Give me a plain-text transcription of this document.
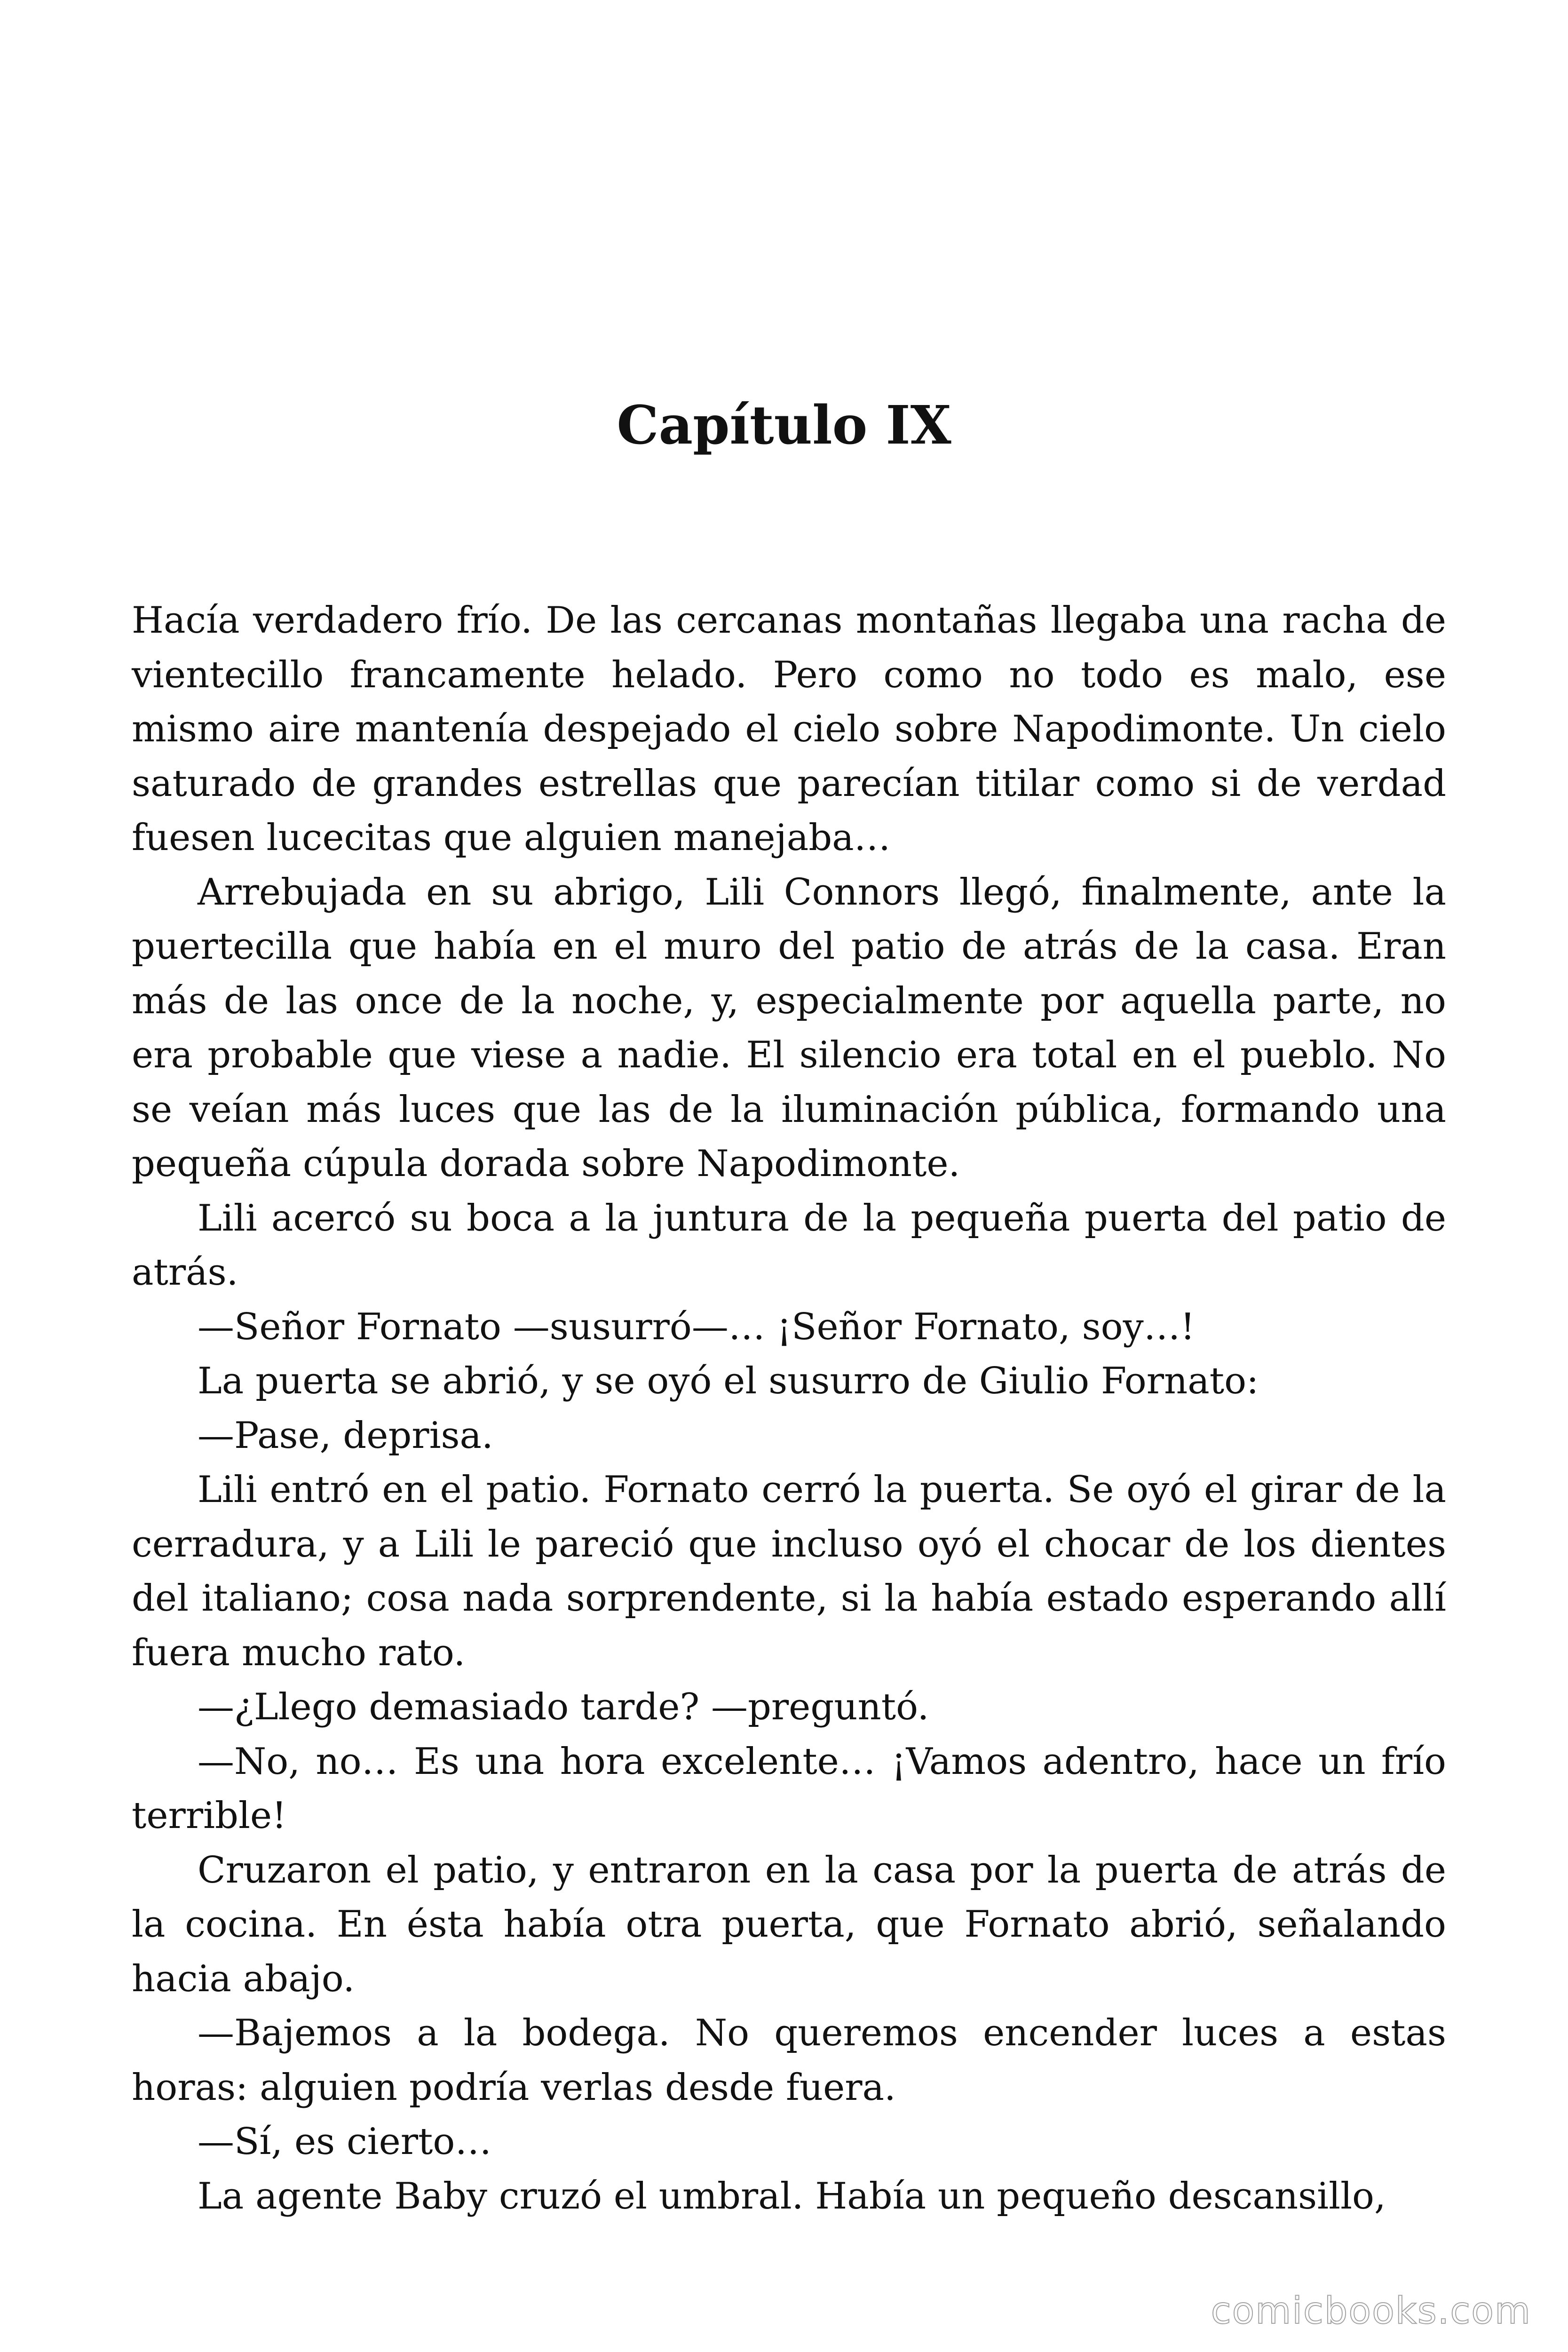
Capítulo IX

Hacía verdadero frío. De las cercanas montañas llegaba una racha de vientecillo francamente helado. Pero como no todo es malo, ese mismo aire mantenía despejado el cielo sobre Napodimonte. Un cielo saturado de grandes estrellas que parecían titilar como si de verdad fuesen lucecitas que alguien manejaba…

Arrebujada en su abrigo, Lili Connors llegó, finalmente, ante la puertecilla que había en el muro del patio de atrás de la casa. Eran más de las once de la noche, y, especialmente por aquella parte, no era probable que viese a nadie. El silencio era total en el pueblo. No se veían más luces que las de la iluminación pública, formando una pequeña cúpula dorada sobre Napodimonte.

Lili acercó su boca a la juntura de la pequeña puerta del patio de atrás.

—Señor Fornato —susurró—… ¡Señor Fornato, soy…!

La puerta se abrió, y se oyó el susurro de Giulio Fornato:

—Pase, deprisa.

Lili entró en el patio. Fornato cerró la puerta. Se oyó el girar de la cerradura, y a Lili le pareció que incluso oyó el chocar de los dientes del italiano; cosa nada sorprendente, si la había estado esperando allí fuera mucho rato.

—¿Llego demasiado tarde? —preguntó.

—No, no… Es una hora excelente… ¡Vamos adentro, hace un frío terrible!

Cruzaron el patio, y entraron en la casa por la puerta de atrás de la cocina. En ésta había otra puerta, que Fornato abrió, señalando hacia abajo.

—Bajemos a la bodega. No queremos encender luces a estas horas: alguien podría verlas desde fuera.

—Sí, es cierto…

La agente Baby cruzó el umbral. Había un pequeño descansillo,

comicbooks.com
